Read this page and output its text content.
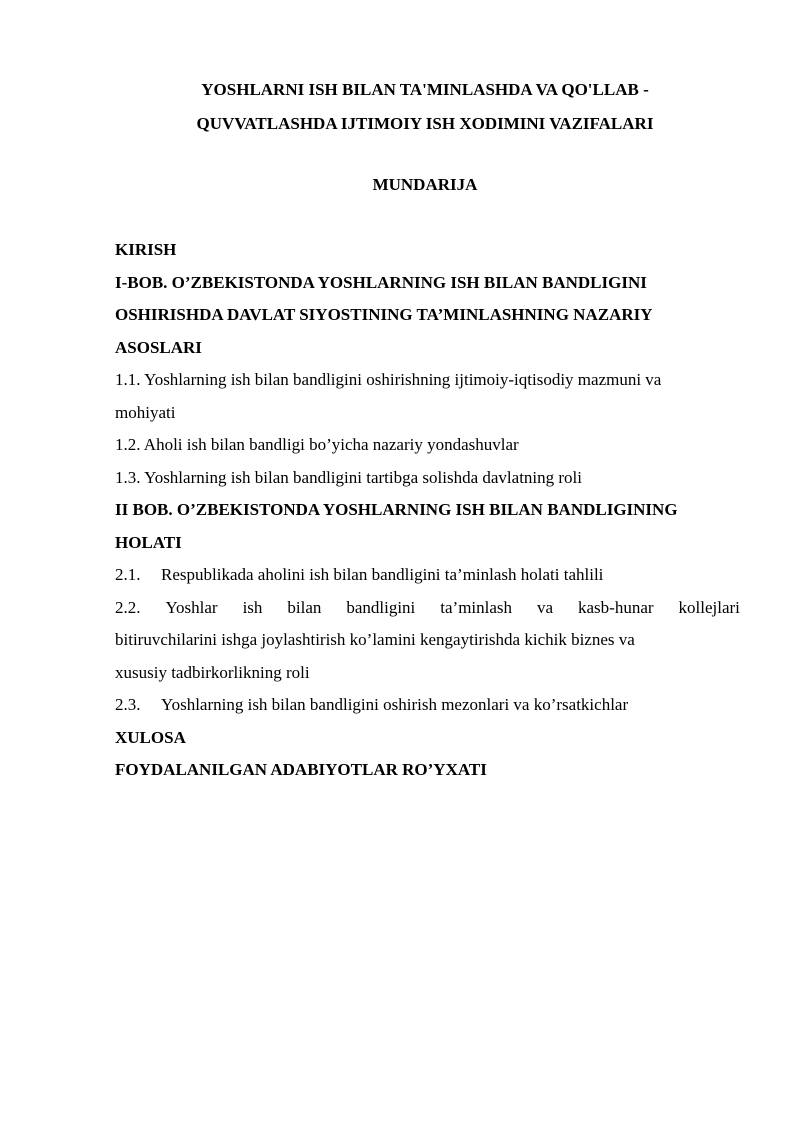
YOSHLARNI ISH BILAN TA'MINLASHDA VA QO'LLAB -
QUVVATLASHDA IJTIMOIY ISH XODIMINI VAZIFALARI
MUNDARIJA
KIRISH
I-BOB. O’ZBEKISTONDA YOSHLARNING ISH BILAN BANDLIGINI
OSHIRISHDA DAVLAT SIYOSTINING TA’MINLASHNING NAZARIY
ASOSLARI
1.1. Yoshlarning ish bilan bandligini oshirishning ijtimoiy-iqtisodiy mazmuni va
mohiyati
1.2. Aholi ish bilan bandligi bo’yicha nazariy yondashuvlar
1.3. Yoshlarning ish bilan bandligini tartibga solishda davlatning roli
II BOB. O’ZBEKISTONDA YOSHLARNING ISH BILAN BANDLIGINING
HOLATI
2.1. Respublikada aholini ish bilan bandligini ta’minlash holati tahlili
2.2. Yoshlar ish bilan bandligini ta’minlash va kasb-hunar kollejlari
bitiruvchilarini ishga joylashtirish ko’lamini kengaytirishda kichik biznes va
xususiy tadbirkorlikning roli
2.3. Yoshlarning ish bilan bandligini oshirish mezonlari va ko’rsatkichlar
XULOSA
FOYDALANILGAN ADABIYOTLAR RO’YXATI
